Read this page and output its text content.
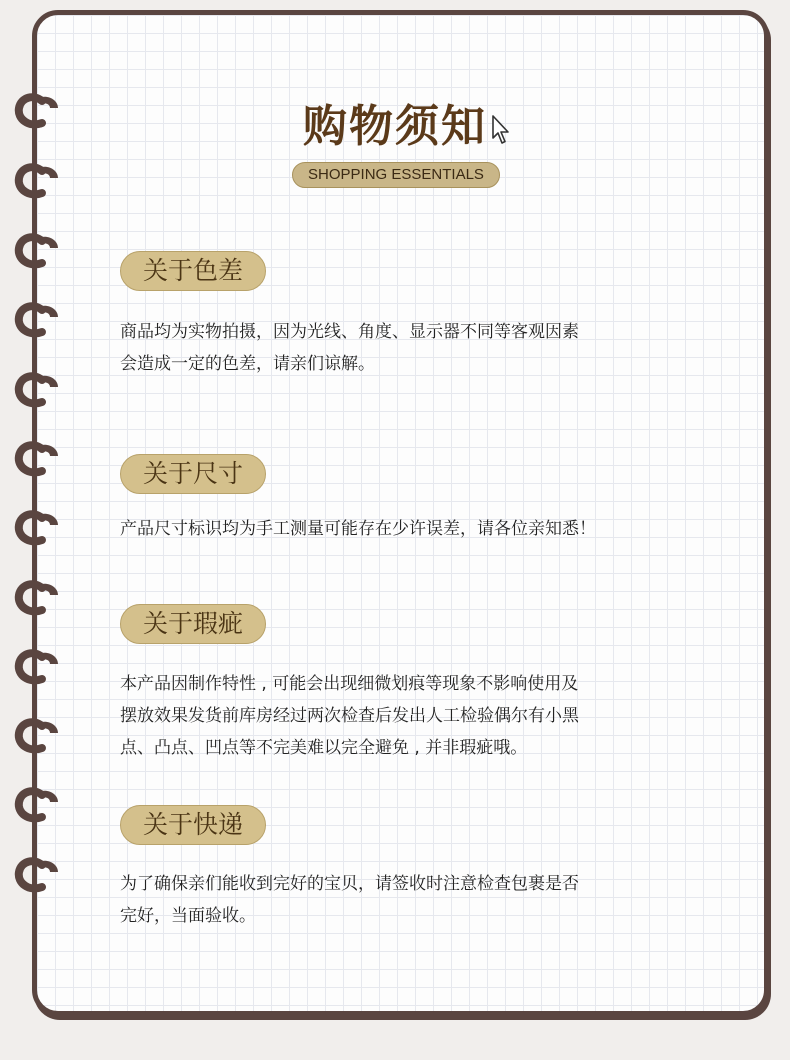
购物须知
SHOPPING ESSENTIALS
关于色差

商品均为实物拍摄，因为光线、角度、显示器不同等客观因素

会造成一定的色差，请亲们谅解。

关于尺寸

产品尺寸标识均为手工测量可能存在少许误差，请各位亲知悉！

关于瑕疵

本产品因制作特性 , 可能会出现细微划痕等现象不影响使用及

摆放效果发货前库房经过两次检查后发出人工检验偶尔有小黑

点、凸点、凹点等不完美难以完全避免 , 并非瑕疵哦。

关于快递

为了确保亲们能收到完好的宝贝，请签收时注意检查包裹是否

完好，当面验收。
